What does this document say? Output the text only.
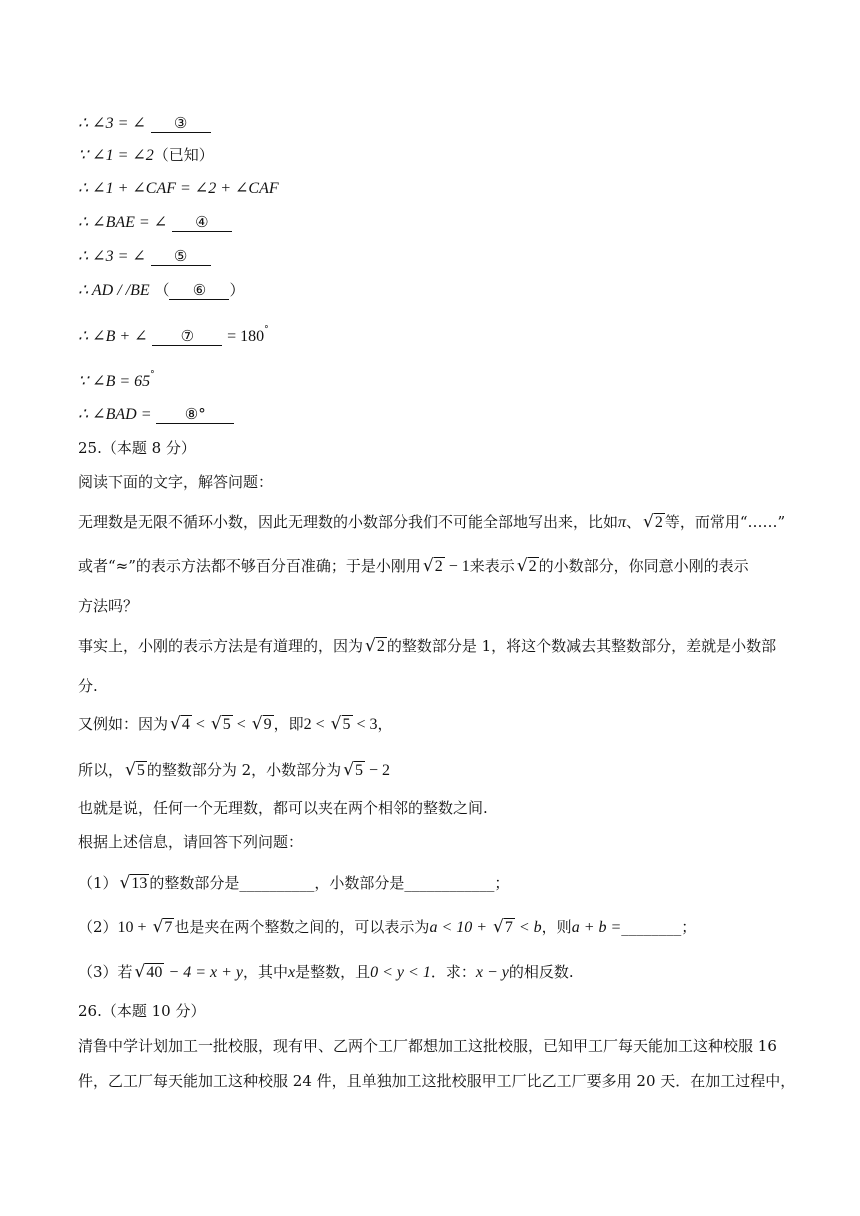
∴ ∠3 = ∠ ③
∵ ∠1 = ∠2（已知）
∴ ∠1 + ∠CAF = ∠2 + ∠CAF
∴ ∠BAE = ∠ ④
∴ ∠3 = ∠ ⑤
∴ AD / /BE （ ⑥ ）
∴ ∠B + ∠ ⑦ = 180°
∵ ∠B = 65°
∴ ∠BAD = ⑧°
25.（本题 8 分）
阅读下面的文字，解答问题：
无理数是无限不循环小数，因此无理数的小数部分我们不可能全部地写出来，比如π、 √2 等，而常用“……”
或者“≈”的表示方法都不够百分百准确；于是小刚用 √2 − 1来表示 √2 的小数部分，你同意小刚的表示
方法吗？
事实上，小刚的表示方法是有道理的，因为 √2 的整数部分是 1，将这个数减去其整数部分，差就是小数部
分.
又例如：因为 √4 < √5 < √9 ，即2 < √5 < 3，
所以， √5 的整数部分为 2，小数部分为 √5 − 2
也就是说，任何一个无理数，都可以夹在两个相邻的整数之间.
根据上述信息，请回答下列问题：
（1） √13 的整数部分是__________，小数部分是____________；
（2）10 + √7 也是夹在两个整数之间的，可以表示为a < 10 + √7 < b，则a + b =________；
（3）若 √40 − 4 = x + y，其中x是整数，且0 < y < 1．求：x − y的相反数.
26.（本题 10 分）
清鲁中学计划加工一批校服，现有甲、乙两个工厂都想加工这批校服，已知甲工厂每天能加工这种校服 16
件，乙工厂每天能加工这种校服 24 件，且单独加工这批校服甲工厂比乙工厂要多用 20 天．在加工过程中，
